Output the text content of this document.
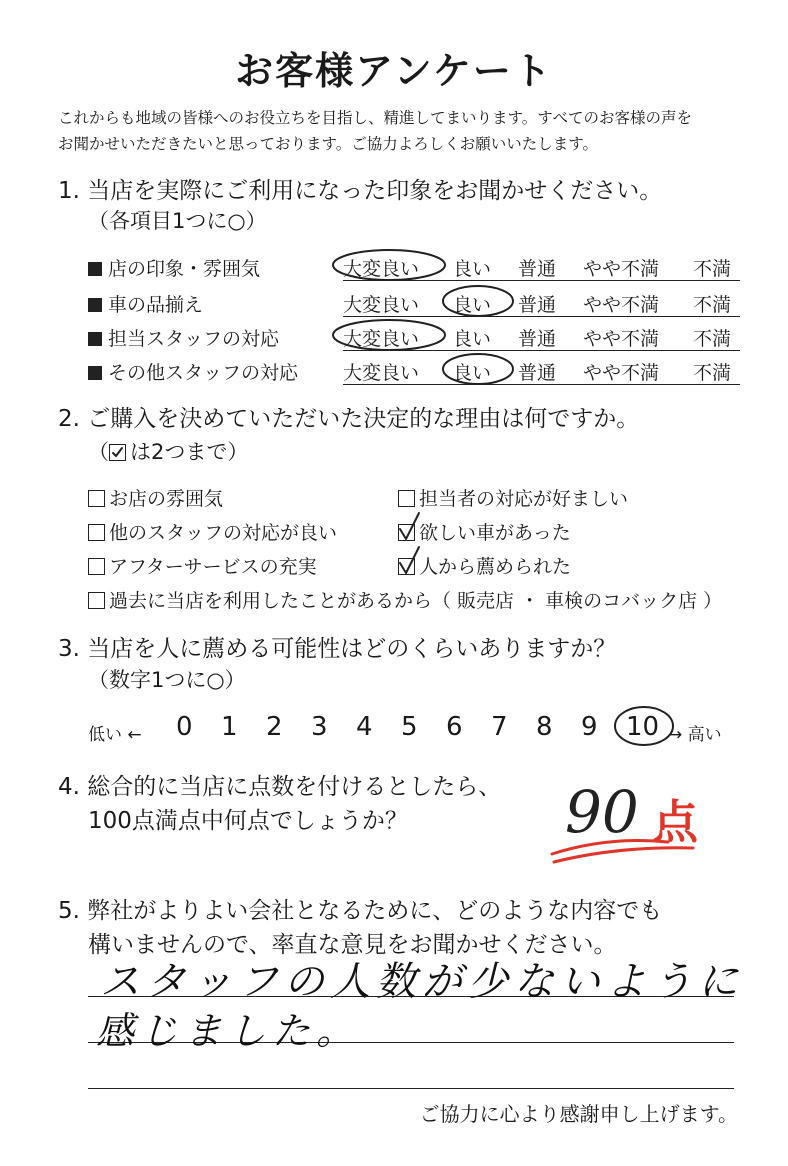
お客様アンケート
これからも地域の皆様へのお役立ちを目指し、精進してまいります。すべてのお客様の声を
お聞かせいただきたいと思っております。ご協力よろしくお願いいたします。
1. 当店を実際にご利用になった印象をお聞かせください。
（各項目1つに○）
店の印象・雰囲気	大変良い 良い 普通 やや不満 不満
車の品揃え	大変良い 良い 普通 やや不満 不満
担当スタッフの対応	大変良い 良い 普通 やや不満 不満
その他スタッフの対応 大変良い 良い 普通 やや不満 不満
2. ご購入を決めていただいた決定的な理由は何ですか。
（ は2つまで）
お店の雰囲気	担当者の対応が好ましい
他のスタッフの対応が良い	欲しい車があった
アフターサービスの充実	人から薦められた
過去に当店を利用したことがあるから（ 販売店 ・ 車検のコバック店 ）
3. 当店を人に薦める可能性はどのくらいありますか？
（数字1つに○）
低い ← 0 1 2 3 4 5 6 7 8 9 10 → 高い
4. 総合的に当店に点数を付けるとしたら、
100点満点中何点でしょうか？	90 点
5. 弊社がよりよい会社となるために、どのような内容でも
構いませんので、率直な意見をお聞かせください。
スタッフの人数が少ないように
感じました。
ご協力に心より感謝申し上げます。
